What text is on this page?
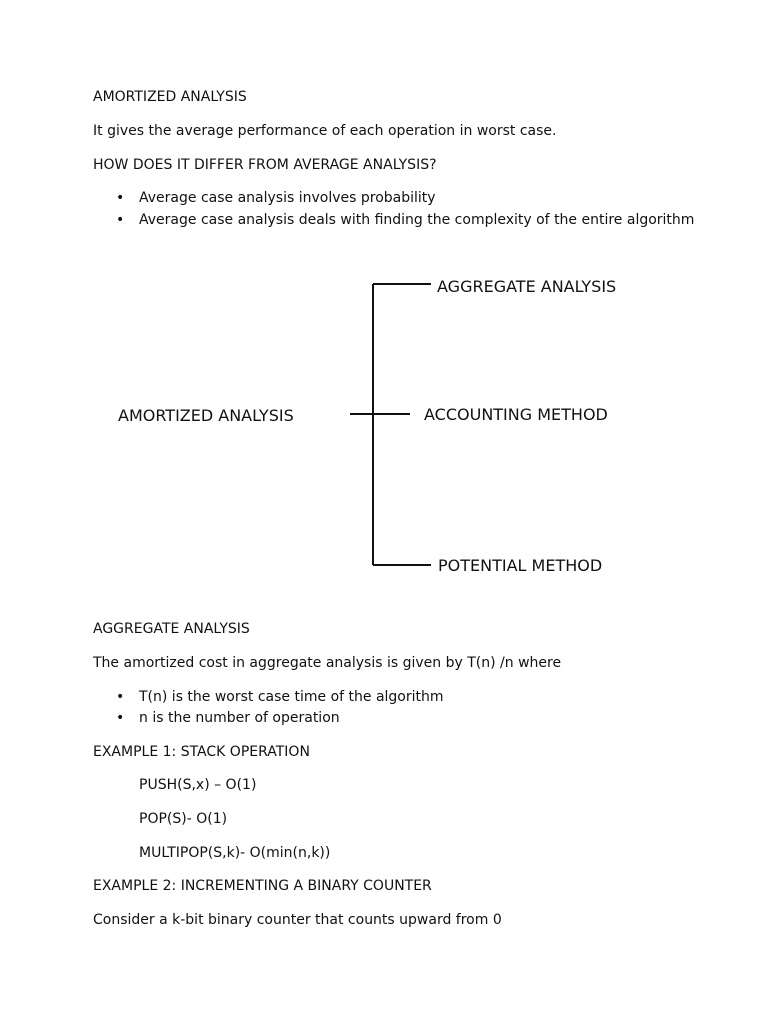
AMORTIZED ANALYSIS
It gives the average performance of each operation in worst case.
HOW DOES IT DIFFER FROM AVERAGE ANALYSIS?
• Average case analysis involves probability
• Average case analysis deals with finding the complexity of the entire algorithm
AMORTIZED ANALYSIS
AGGREGATE ANALYSIS
ACCOUNTING METHOD
POTENTIAL METHOD
AGGREGATE ANALYSIS
The amortized cost in aggregate analysis is given by T(n) /n where
• T(n) is the worst case time of the algorithm
• n is the number of operation
EXAMPLE 1: STACK OPERATION
PUSH(S,x) – O(1)
POP(S)- O(1)
MULTIPOP(S,k)- O(min(n,k))
EXAMPLE 2: INCREMENTING A BINARY COUNTER
Consider a k-bit binary counter that counts upward from 0
